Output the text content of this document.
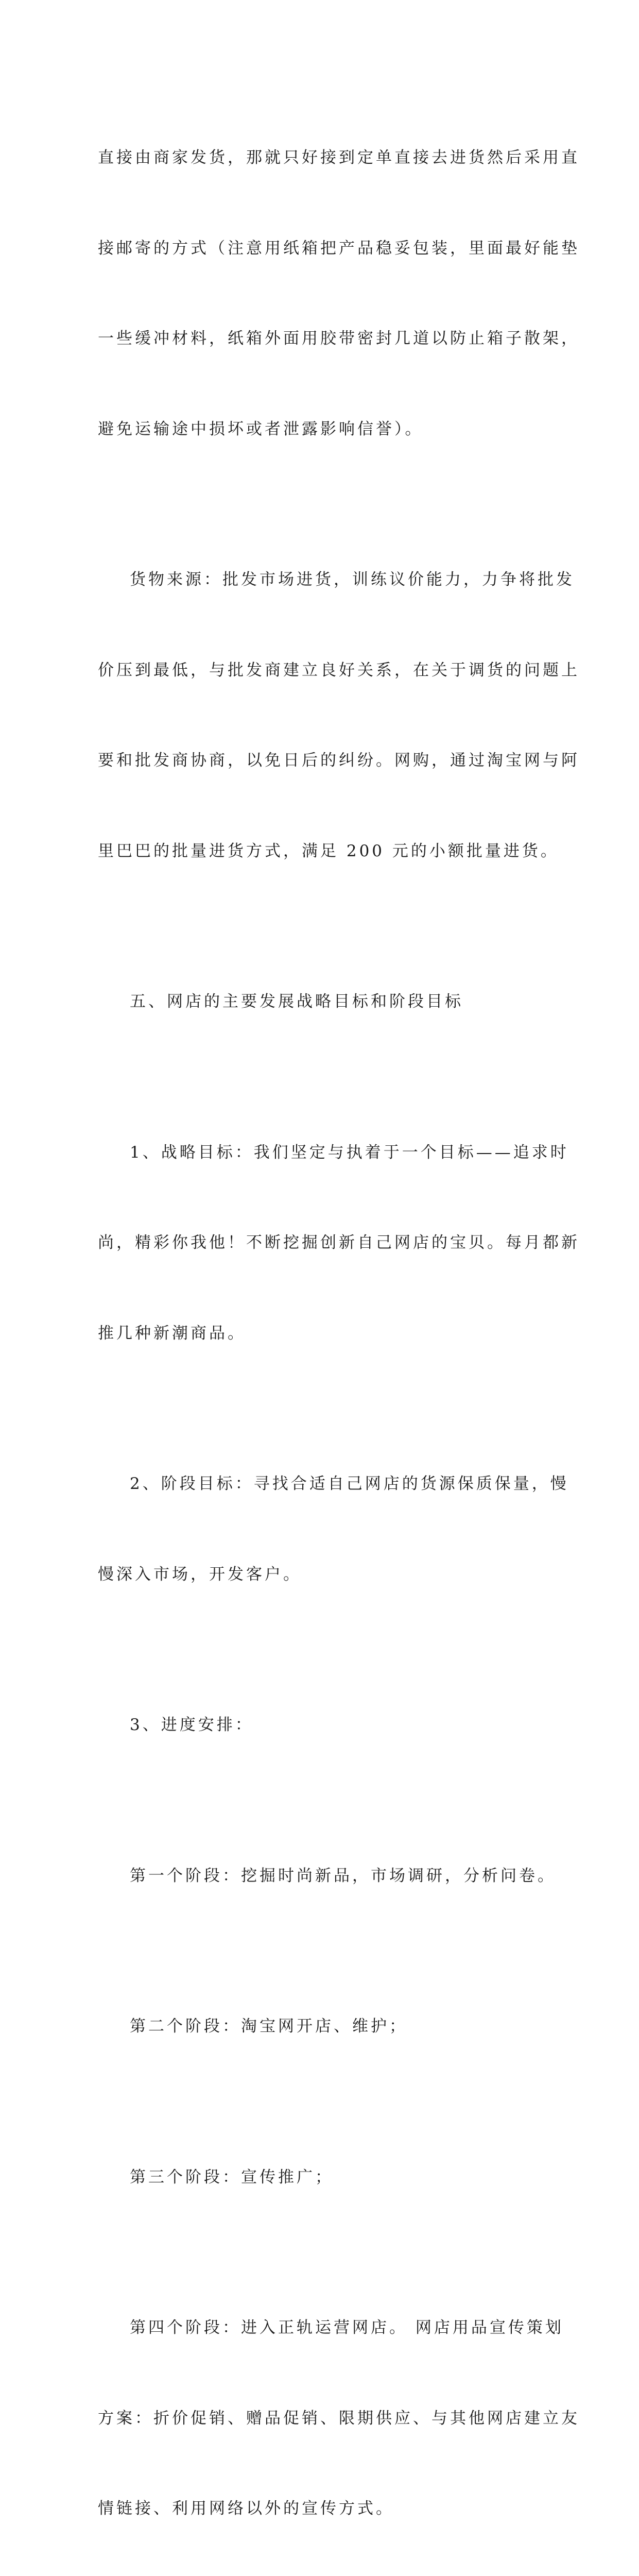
直接由商家发货，那就只好接到定单直接去进货然后采用直

接邮寄的方式（注意用纸箱把产品稳妥包装，里面最好能垫

一些缓冲材料，纸箱外面用胶带密封几道以防止箱子散架，

避免运输途中损坏或者泄露影响信誉）。

货物来源：批发市场进货，训练议价能力，力争将批发

价压到最低，与批发商建立良好关系，在关于调货的问题上

要和批发商协商，以免日后的纠纷。网购，通过淘宝网与阿

里巴巴的批量进货方式，满足 200 元的小额批量进货。

五、网店的主要发展战略目标和阶段目标

1、战略目标：我们坚定与执着于一个目标——追求时

尚，精彩你我他！不断挖掘创新自己网店的宝贝。每月都新

推几种新潮商品。

2、阶段目标：寻找合适自己网店的货源保质保量，慢

慢深入市场，开发客户。

3、进度安排：

第一个阶段：挖掘时尚新品，市场调研，分析问卷。

第二个阶段：淘宝网开店、维护；

第三个阶段：宣传推广；

第四个阶段：进入正轨运营网店。 网店用品宣传策划

方案：折价促销、赠品促销、限期供应、与其他网店建立友

情链接、利用网络以外的宣传方式。
